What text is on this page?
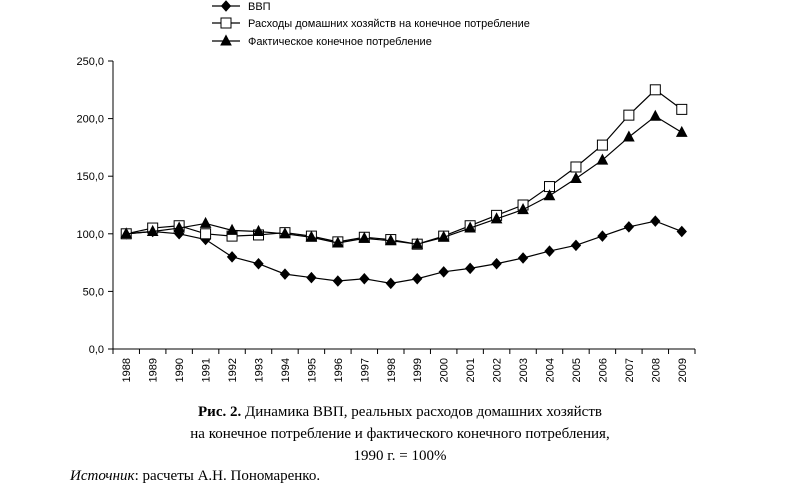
ВВП
Расходы домашних хозяйств на конечное потребление
Фактическое конечное потребление
0,0
50,0
100,0
150,0
200,0
250,0
1988 1989 1990 1991 1992 1993 1994 1995 1996 1997 1998 1999 2000 2001 2002 2003 2004 2005 2006 2007 2008 2009
Рис. 2. Динамика ВВП, реальных расходов домашних хозяйств
на конечное потребление и фактического конечного потребления,
1990 г. = 100%
Источник: расчеты А.Н. Пономаренко.
